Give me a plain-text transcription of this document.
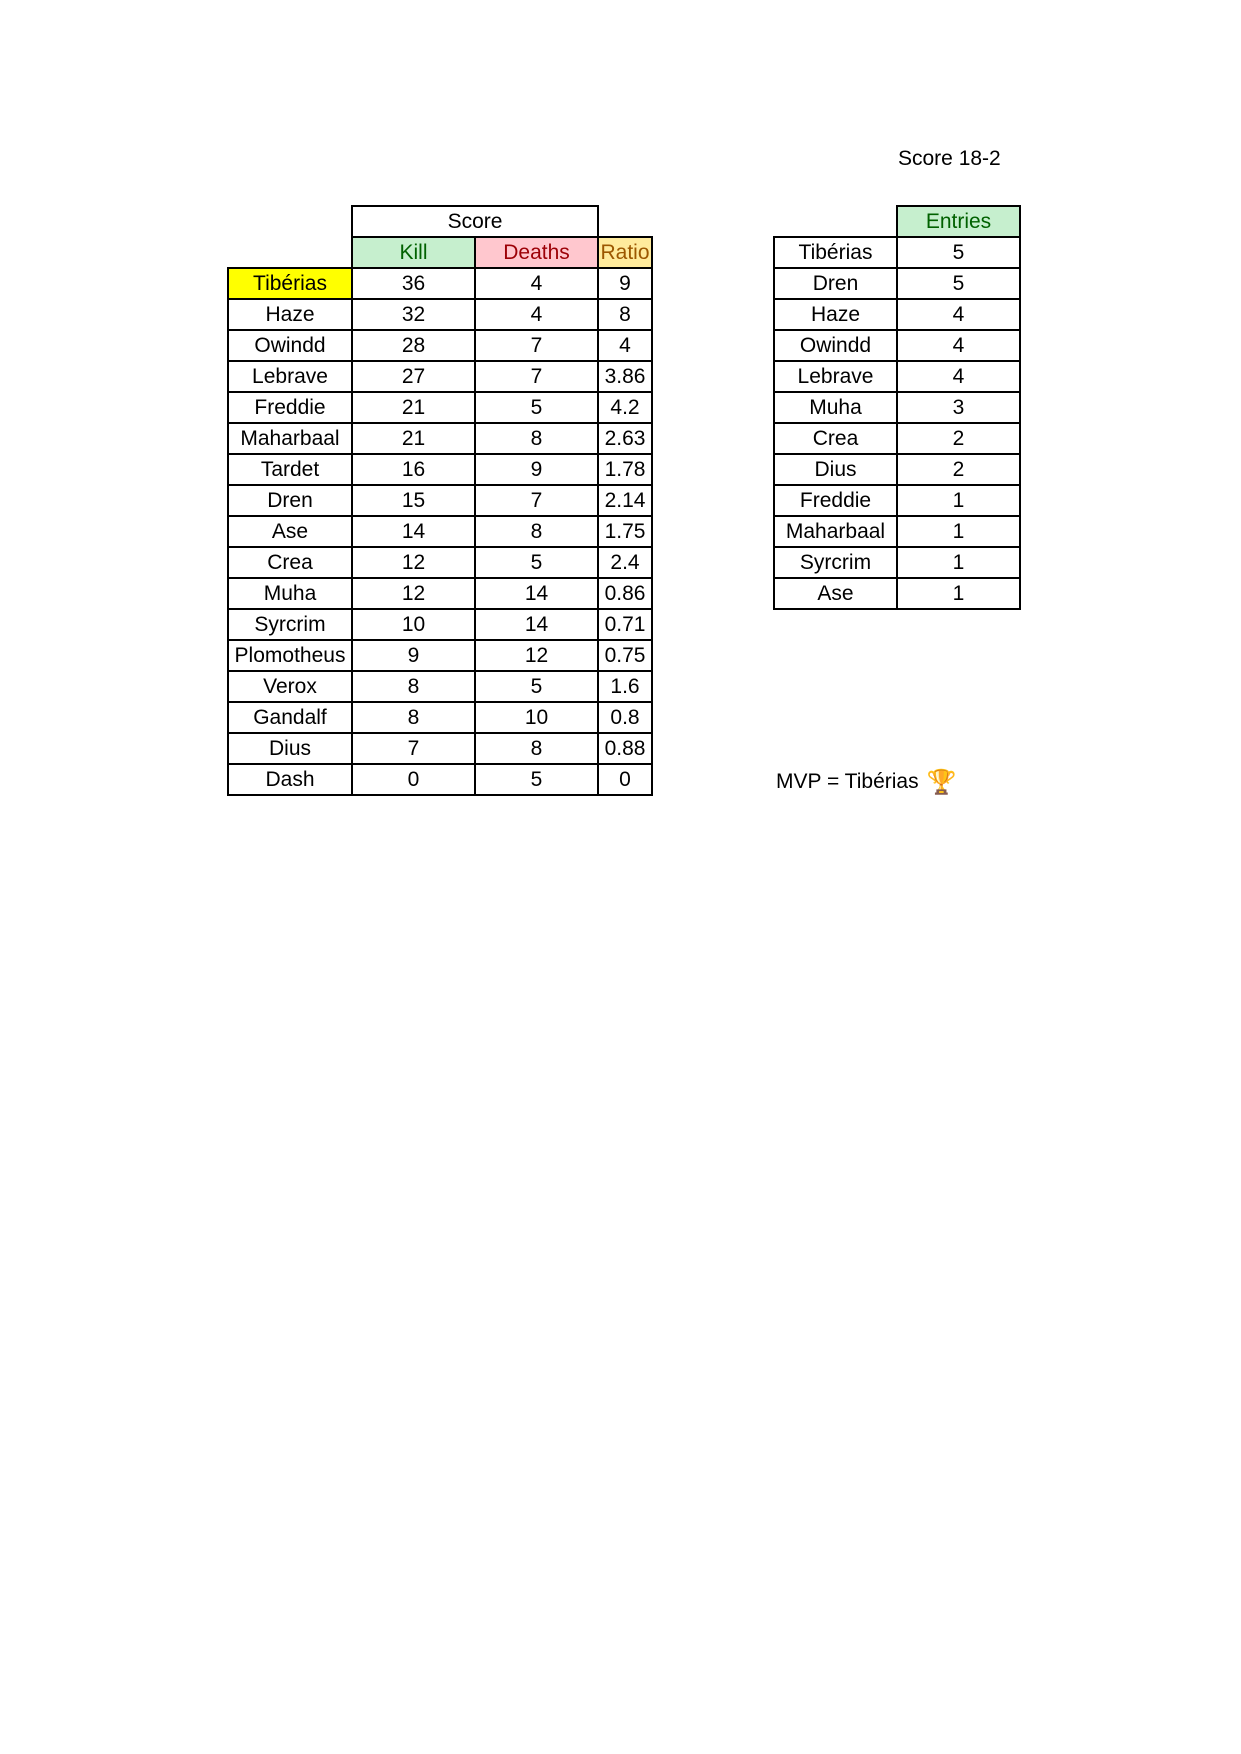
Score 18-2
	Score		
	Kill	Deaths	Ratio
Tibérias	36	4	9
Haze	32	4	8
Owindd	28	7	4
Lebrave	27	7	3.86
Freddie	21	5	4.2
Maharbaal	21	8	2.63
Tardet	16	9	1.78
Dren	15	7	2.14
Ase	14	8	1.75
Crea	12	5	2.4
Muha	12	14	0.86
Syrcrim	10	14	0.71
Plomotheus	9	12	0.75
Verox	8	5	1.6
Gandalf	8	10	0.8
Dius	7	8	0.88
Dash	0	5	0
	Entries
Tibérias	5
Dren	5
Haze	4
Owindd	4
Lebrave	4
Muha	3
Crea	2
Dius	2
Freddie	1
Maharbaal	1
Syrcrim	1
Ase	1
MVP = Tibérias 🏆
